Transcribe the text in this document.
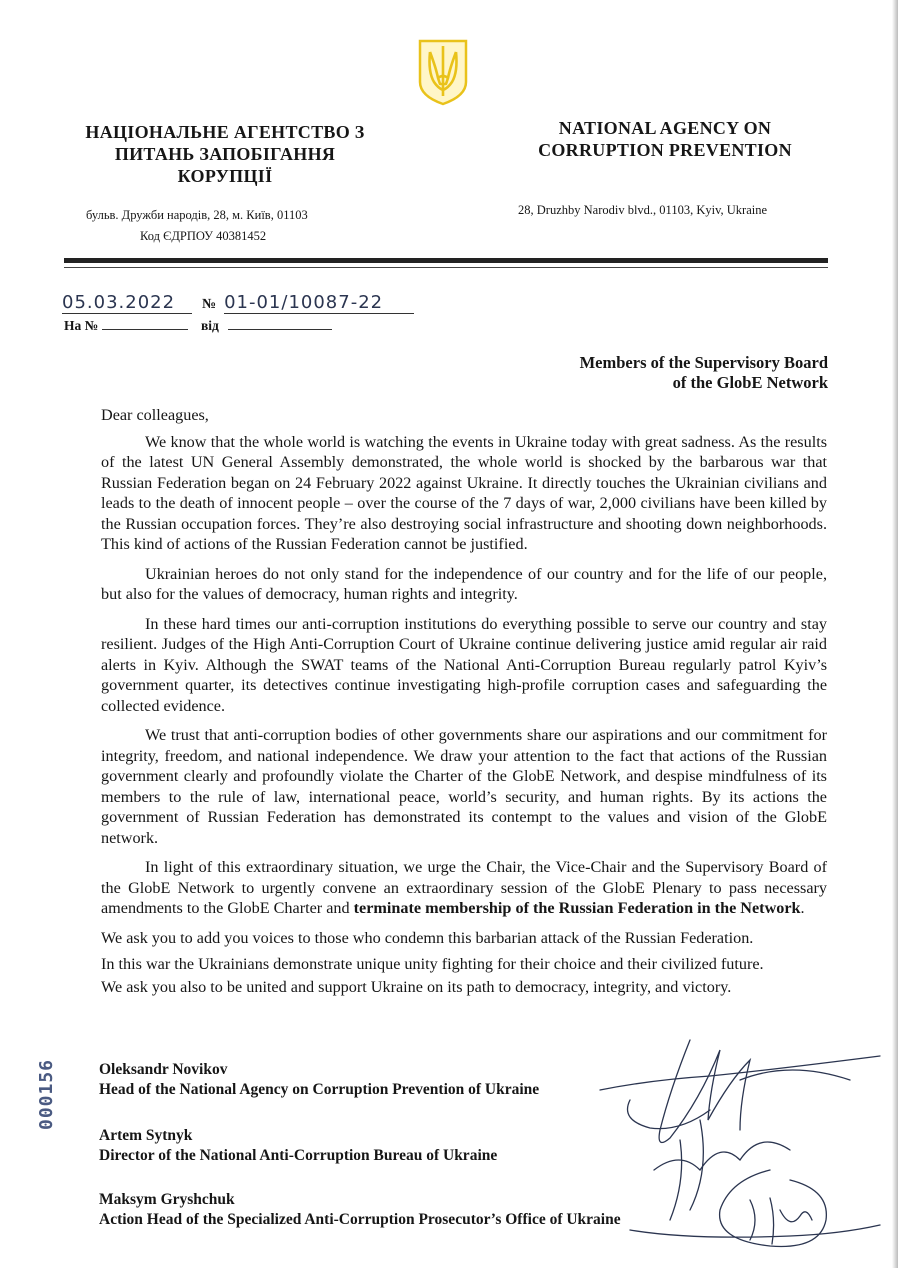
НАЦІОНАЛЬНЕ АГЕНТСТВО З
ПИТАНЬ ЗАПОБІГАННЯ
КОРУПЦІЇ
NATIONAL AGENCY ON
CORRUPTION PREVENTION
бульв. Дружби народів, 28, м. Київ, 01103
Код ЄДРПОУ 40381452
28, Druzhby Narodiv blvd., 01103, Kyiv, Ukraine
05.03.2022 № 01-01/10087-22
На №	від
Members of the Supervisory Board
of the GlobE Network

Dear colleagues,

We know that the whole world is watching the events in Ukraine today with great sadness. As the results of the latest UN General Assembly demonstrated, the whole world is shocked by the barbarous war that Russian Federation began on 24 February 2022 against Ukraine. It directly touches the Ukrainian civilians and leads to the death of innocent people – over the course of the 7 days of war, 2,000 civilians have been killed by the Russian occupation forces. They’re also destroying social infrastructure and shooting down neighborhoods. This kind of actions of the Russian Federation cannot be justified.

Ukrainian heroes do not only stand for the independence of our country and for the life of our people, but also for the values of democracy, human rights and integrity.

In these hard times our anti-corruption institutions do everything possible to serve our country and stay resilient. Judges of the High Anti-Corruption Court of Ukraine continue delivering justice amid regular air raid alerts in Kyiv. Although the SWAT teams of the National Anti-Corruption Bureau regularly patrol Kyiv’s government quarter, its detectives continue investigating high-profile corruption cases and safeguarding the collected evidence.

We trust that anti-corruption bodies of other governments share our aspirations and our commitment for integrity, freedom, and national independence. We draw your attention to the fact that actions of the Russian government clearly and profoundly violate the Charter of the GlobE Network, and despise mindfulness of its members to the rule of law, international peace, world’s security, and human rights. By its actions the government of Russian Federation has demonstrated its contempt to the values and vision of the GlobE network.

In light of this extraordinary situation, we urge the Chair, the Vice-Chair and the Supervisory Board of the GlobE Network to urgently convene an extraordinary session of the GlobE Plenary to pass necessary amendments to the GlobE Charter and terminate membership of the Russian Federation in the Network.

We ask you to add you voices to those who condemn this barbarian attack of the Russian Federation.

In this war the Ukrainians demonstrate unique unity fighting for their choice and their civilized future.

We ask you also to be united and support Ukraine on its path to democracy, integrity, and victory.

Oleksandr Novikov
Head of the National Agency on Corruption Prevention of Ukraine
Artem Sytnyk
Director of the National Anti-Corruption Bureau of Ukraine
Maksym Gryshchuk
Action Head of the Specialized Anti-Corruption Prosecutor’s Office of Ukraine
000156
